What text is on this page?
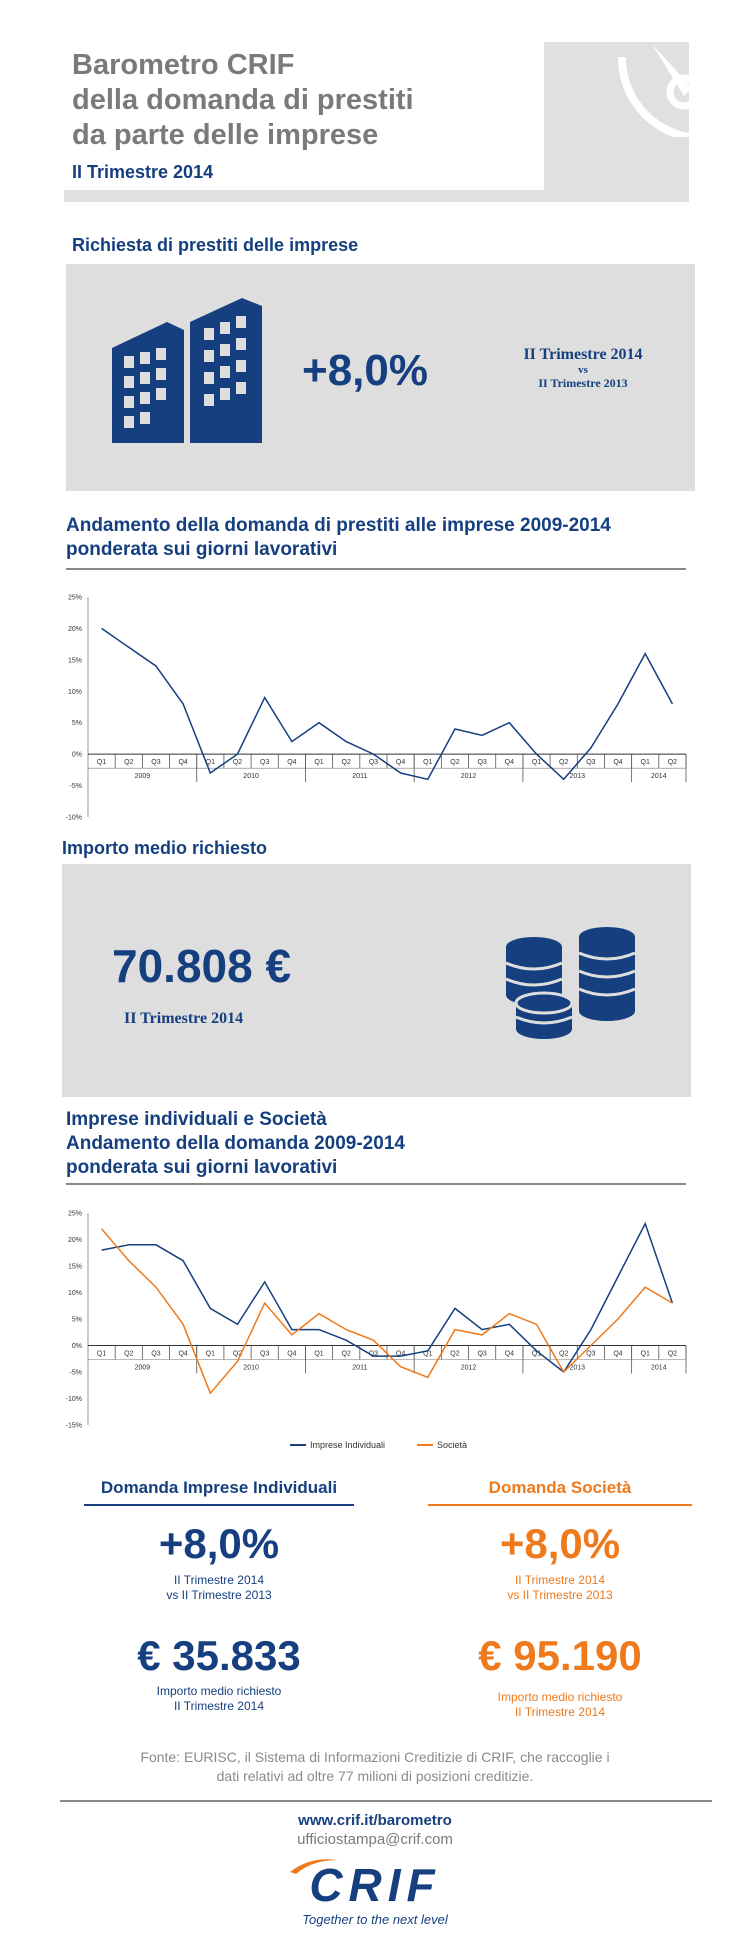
Barometro CRIF
della domanda di prestiti
da parte delle imprese
II Trimestre 2014
Richiesta di prestiti delle imprese
+8,0%	II Trimestre 2014
vs
II Trimestre 2013
Andamento della domanda di prestiti alle imprese 2009-2014
ponderata sui giorni lavorativi
25%
20%
15%
10%
5%
0%
-5%
-10%
Q1	Q2	Q3	Q4	Q1	Q2	Q3	Q4	Q1	Q2	Q3	Q4	Q1	Q2	Q3	Q4	Q1	Q2	Q3	Q4	Q1	Q2
2009	2010	2011	2012	2013	2014
Importo medio richiesto
70.808 €
II Trimestre 2014
Imprese individuali e Società
Andamento della domanda 2009-2014
ponderata sui giorni lavorativi
25%
20%
15%
10%
5%
0%
-5%
-10%
-15%
Q1	Q2	Q3	Q4	Q1	Q2	Q3	Q4	Q1	Q2	Q3	Q4	Q1	Q2	Q3	Q4	Q1	Q2	Q3	Q4	Q1	Q2
2009	2010	2011	2012	2013	2014
Imprese Individuali	Società
Domanda Imprese Individuali	Domanda Società
+8,0%
II Trimestre 2014
vs II Trimestre 2013
+8,0%
II Trimestre 2014
vs II Trimestre 2013
€ 35.833
Importo medio richiesto
II Trimestre 2014
€ 95.190
Importo medio richiesto
II Trimestre 2014
Fonte: EURISC, il Sistema di Informazioni Creditizie di CRIF, che raccoglie i
dati relativi ad oltre 77 milioni di posizioni creditizie.
www.crif.it/barometro
ufficiostampa@crif.com
CRIF
Together to the next level
